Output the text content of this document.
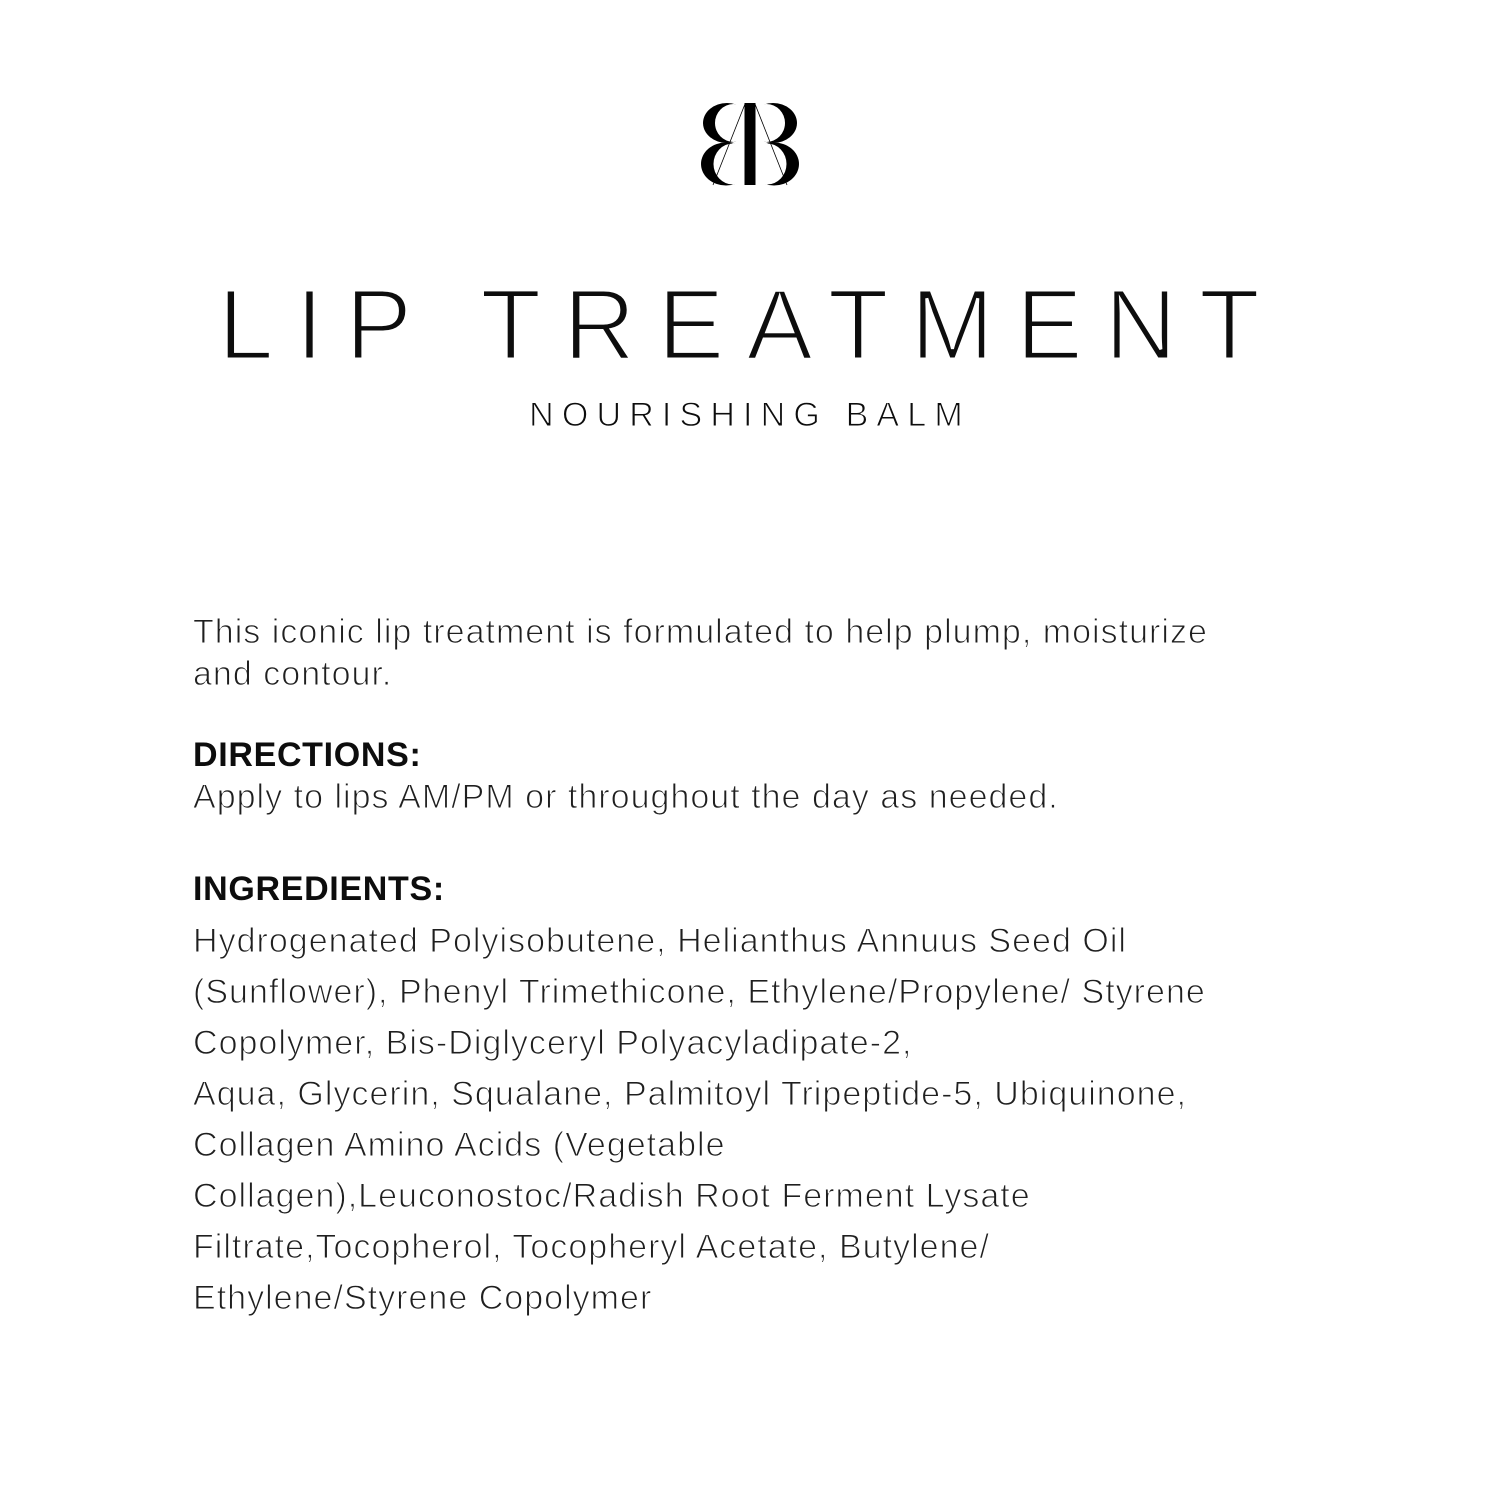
LIP TREATMENT
NOURISHING BALM
This iconic lip treatment is formulated to help plump, moisturize
and contour.
DIRECTIONS:
Apply to lips AM/PM or throughout the day as needed.
INGREDIENTS:
Hydrogenated Polyisobutene, Helianthus Annuus Seed Oil
(Sunflower), Phenyl Trimethicone, Ethylene/Propylene/ Styrene
Copolymer, Bis-Diglyceryl Polyacyladipate-2,
Aqua, Glycerin, Squalane, Palmitoyl Tripeptide-5, Ubiquinone,
Collagen Amino Acids (Vegetable
Collagen),Leuconostoc/Radish Root Ferment Lysate
Filtrate,Tocopherol, Tocopheryl Acetate, Butylene/
Ethylene/Styrene Copolymer
